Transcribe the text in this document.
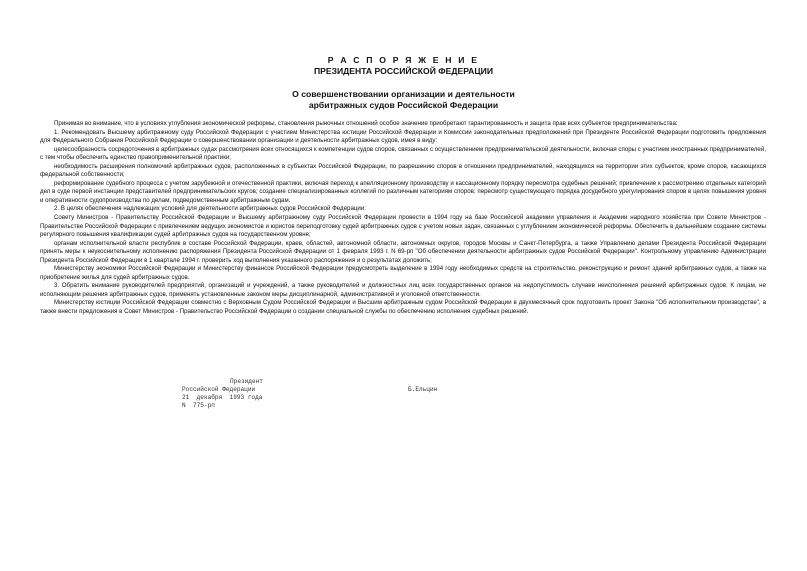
Р А С П О Р Я Ж Е Н И Е
ПРЕЗИДЕНТА РОССИЙСКОЙ ФЕДЕРАЦИИ
О совершенствовании организации и деятельности
арбитражных судов Российской Федерации

Принимая во внимание, что в условиях углубления экономической реформы, становления рыночных отношений особое значение приобретают гарантированность и защита прав всех субъектов предпринимательства:

1. Рекомендовать Высшему арбитражному суду Российской Федерации с участием Министерства юстиции Российской Федерации и Комиссии законодательных предположений при Президенте Российской Федерации подготовить предложения для Федерального Собрания Российской Федерации о совершенствовании организации и деятельности арбитражных судов, имея в виду:

целесообразность сосредоточения в арбитражных судах рассмотрения всех относящихся к компетенции судов споров, связанных с осуществлением предпринимательской деятельности, включая споры с участием иностранных предпринимателей, с тем чтобы обеспечить единство правоприменительной практики;

необходимость расширения полномочий арбитражных судов, расположенных в субъектах Российской Федерации, по разрешению споров в отношении предпринимателей, находящихся на территории этих субъектов, кроме споров, касающихся федеральной собственности;

реформирование судебного процесса с учетом зарубежной и отечественной практики, включая переход к апелляционному производству и кассационному порядку пересмотра судебных решений; привлечение к рассмотрению отдельных категорий дел в суде первой инстанции представителей предпринимательских кругов; создание специализированных коллегий по различным категориям споров; пересмотр существующего порядка досудебного урегулирования споров в целях повышения уровня и оперативности судопроизводства по делам, подведомственным арбитражным судам.

2. В целях обеспечения надлежащих условий для деятельности арбитражных судов Российской Федерации:

Совету Министров - Правительству Российской Федерации и Высшему арбитражному суду Российской Федерации провести в 1994 году на базе Российской академии управления и Академии народного хозяйства при Совете Министров - Правительстве Российской Федерации с привлечением ведущих экономистов и юристов переподготовку судей арбитражных судов с учетом новых задач, связанных с углублением экономической реформы. Обеспечить в дальнейшем создание системы регулярного повышения квалификации судей арбитражных судов на государственном уровне;

органам исполнительной власти республик в составе Российской Федерации, краев, областей, автономной области, автономных округов, городов Москвы и Санкт-Петербурга, а также Управлению делами Президента Российской Федерации принять меры к неукоснительному исполнению распоряжения Президента Российской Федерации от 1 февраля 1993 г. N 69-рп "Об обеспечении деятельности арбитражных судов Российской Федерации". Контрольному управлению Администрации Президента Российской Федерации в 1 квартале 1994 г. проверить ход выполнения указанного распоряжения и о результатах доложить;

Министерству экономики Российской Федерации и Министерству финансов Российской Федерации предусмотреть выделение в 1994 году необходимых средств на строительство, реконструкцию и ремонт зданий арбитражных судов, а также на приобретение жилья для судей арбитражных судов.

3. Обратить внимание руководителей предприятий, организаций и учреждений, а также руководителей и должностных лиц всех государственных органов на недопустимость случаев неисполнения решений арбитражных судов. К лицам, не исполняющим решения арбитражных судов, применять установленные законом меры дисциплинарной, административной и уголовной ответственности.

Министерству юстиции Российской Федерации совместно с Верховным Судом Российской Федерации и Высшим арбитражным судом Российской Федерации в двухмесячный срок подготовить проект Закона "Об исполнительном производстве", а также внести предложения в Совет Министров - Правительство Российской Федерации о создании специальной службы по обеспечению исполнения судебных решений.

Президент
Российской Федерации	Б.Ельцин
21  декабря  1993 года
N  775-рп
